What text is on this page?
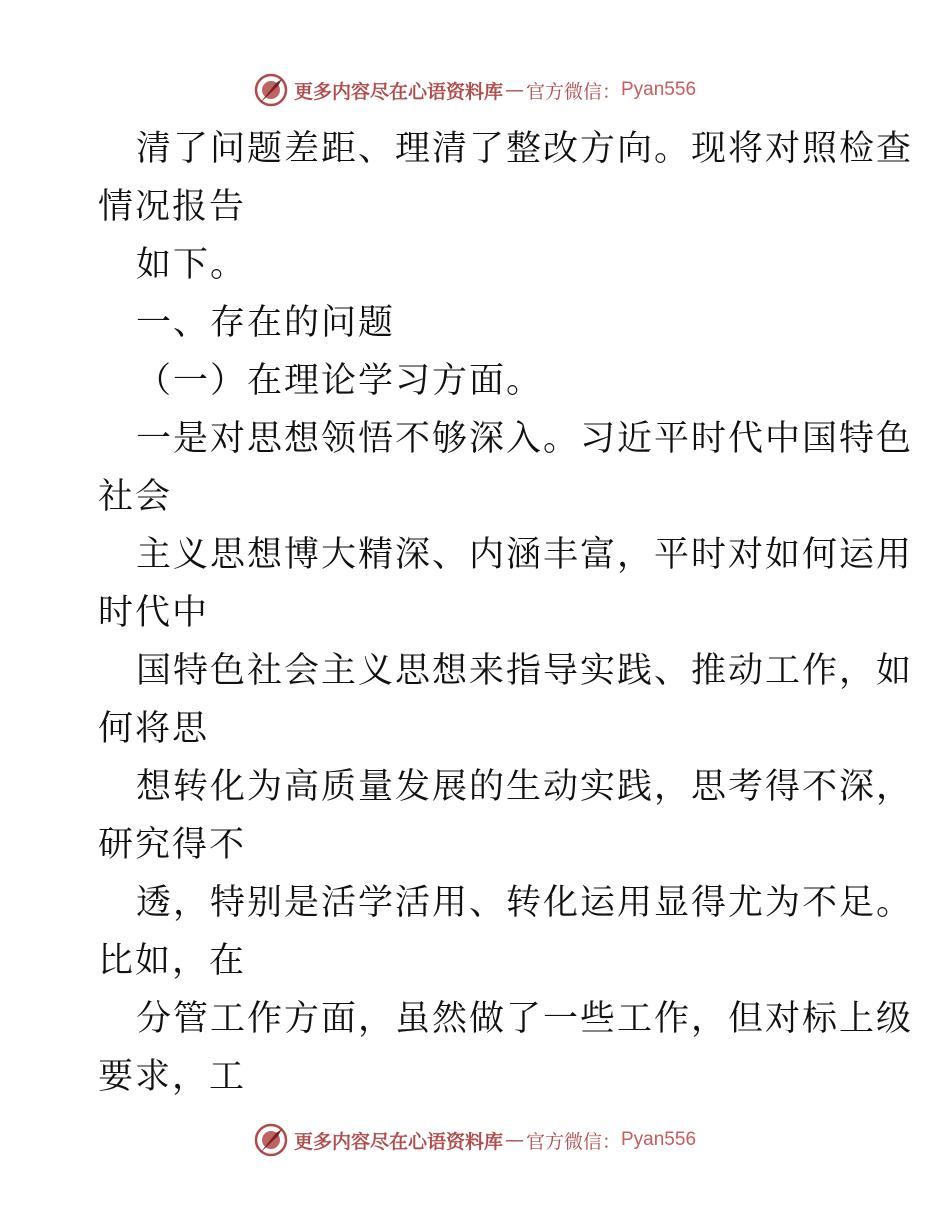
更多内容尽在心语资料库 — 官方微信： Pyan556
清了问题差距、理清了整改方向。现将对照检查
情况报告
如下。
一、存在的问题
（一）在理论学习方面。
一是对思想领悟不够深入。习近平时代中国特色
社会
主义思想博大精深、内涵丰富，平时对如何运用
时代中
国特色社会主义思想来指导实践、推动工作，如
何将思
想转化为高质量发展的生动实践，思考得不深，
研究得不
透，特别是活学活用、转化运用显得尤为不足。
比如，在
分管工作方面，虽然做了一些工作，但对标上级
要求，工
更多内容尽在心语资料库 — 官方微信： Pyan556
